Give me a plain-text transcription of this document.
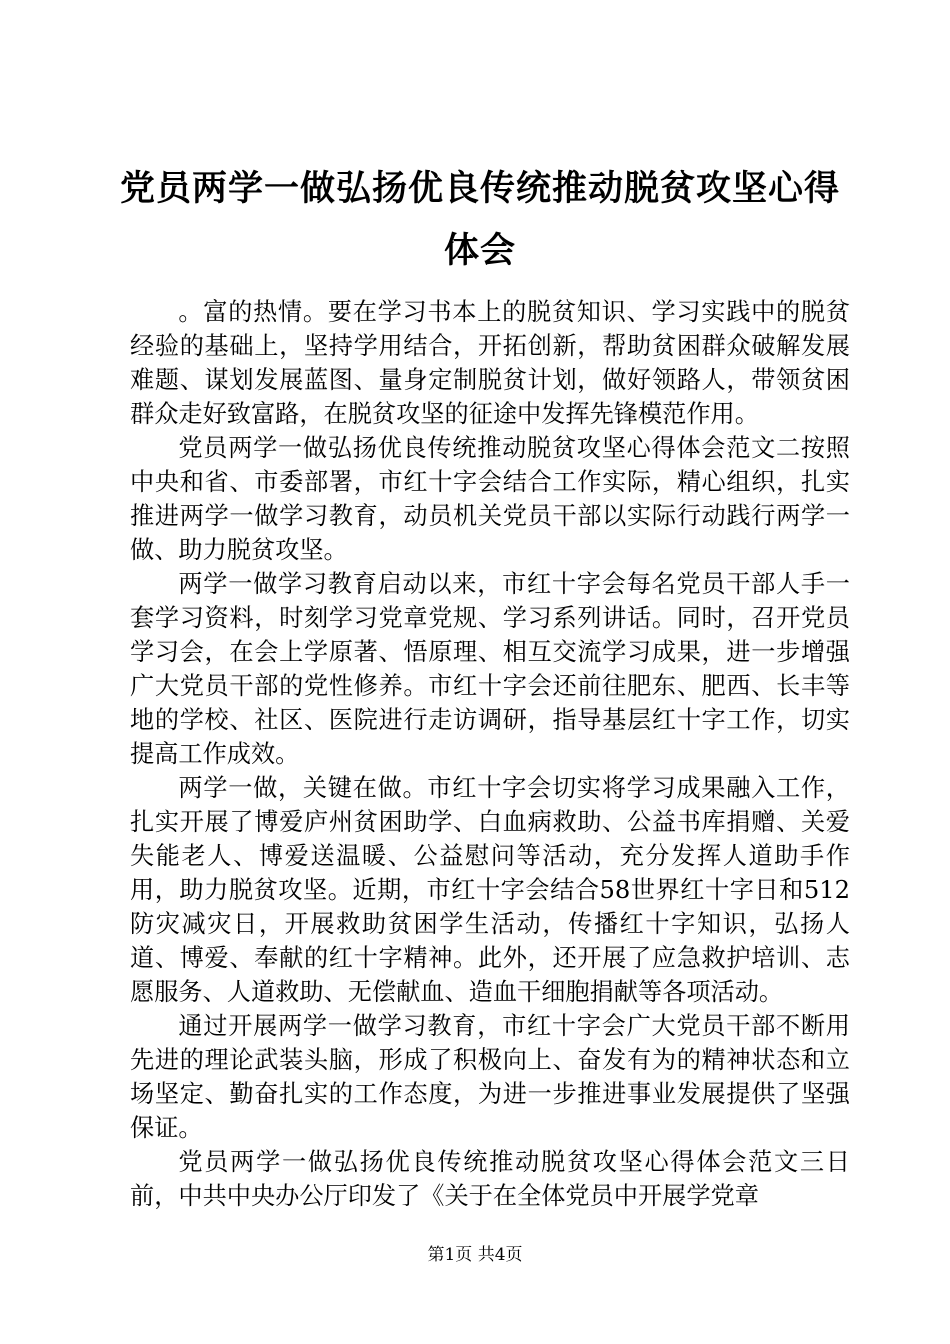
党员两学一做弘扬优良传统推动脱贫攻坚心得体会

。富的热情。要在学习书本上的脱贫知识、学习实践中的脱贫经验的基础上，坚持学用结合，开拓创新，帮助贫困群众破解发展难题、谋划发展蓝图、量身定制脱贫计划，做好领路人，带领贫困群众走好致富路，在脱贫攻坚的征途中发挥先锋模范作用。

党员两学一做弘扬优良传统推动脱贫攻坚心得体会范文二按照中央和省、市委部署，市红十字会结合工作实际，精心组织，扎实推进两学一做学习教育，动员机关党员干部以实际行动践行两学一做、助力脱贫攻坚。

两学一做学习教育启动以来，市红十字会每名党员干部人手一套学习资料，时刻学习党章党规、学习系列讲话。同时，召开党员学习会，在会上学原著、悟原理、相互交流学习成果，进一步增强广大党员干部的党性修养。市红十字会还前往肥东、肥西、长丰等地的学校、社区、医院进行走访调研，指导基层红十字工作，切实提高工作成效。

两学一做，关键在做。市红十字会切实将学习成果融入工作，扎实开展了博爱庐州贫困助学、白血病救助、公益书库捐赠、关爱失能老人、博爱送温暖、公益慰问等活动，充分发挥人道助手作用，助力脱贫攻坚。近期，市红十字会结合58世界红十字日和512防灾减灾日，开展救助贫困学生活动，传播红十字知识，弘扬人道、博爱、奉献的红十字精神。此外，还开展了应急救护培训、志愿服务、人道救助、无偿献血、造血干细胞捐献等各项活动。

通过开展两学一做学习教育，市红十字会广大党员干部不断用先进的理论武装头脑，形成了积极向上、奋发有为的精神状态和立场坚定、勤奋扎实的工作态度，为进一步推进事业发展提供了坚强保证。

党员两学一做弘扬优良传统推动脱贫攻坚心得体会范文三日前，中共中央办公厅印发了《关于在全体党员中开展学党章

第1页 共4页
